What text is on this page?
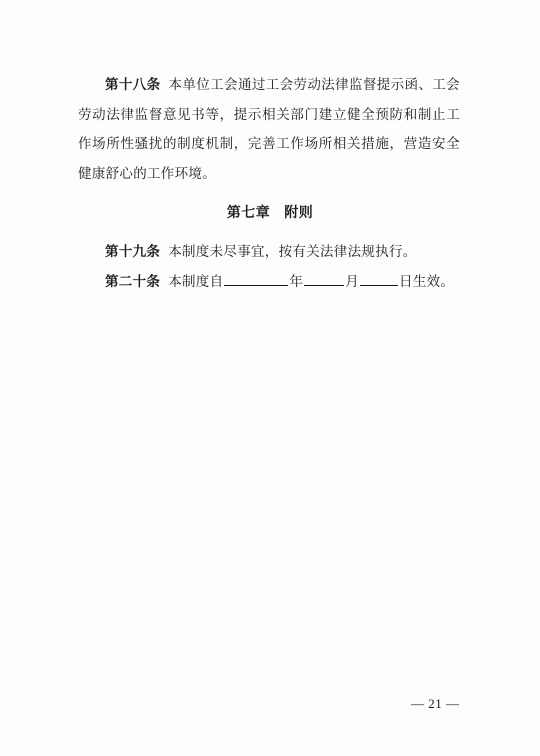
第十八条 本单位工会通过工会劳动法律监督提示函、工会劳动法律监督意见书等，提示相关部门建立健全预防和制止工作场所性骚扰的制度机制，完善工作场所相关措施，营造安全健康舒心的工作环境。

第七章 附则

第十九条 本制度未尽事宜，按有关法律法规执行。

第二十条 本制度自	年	月	日生效。

— 21 —
